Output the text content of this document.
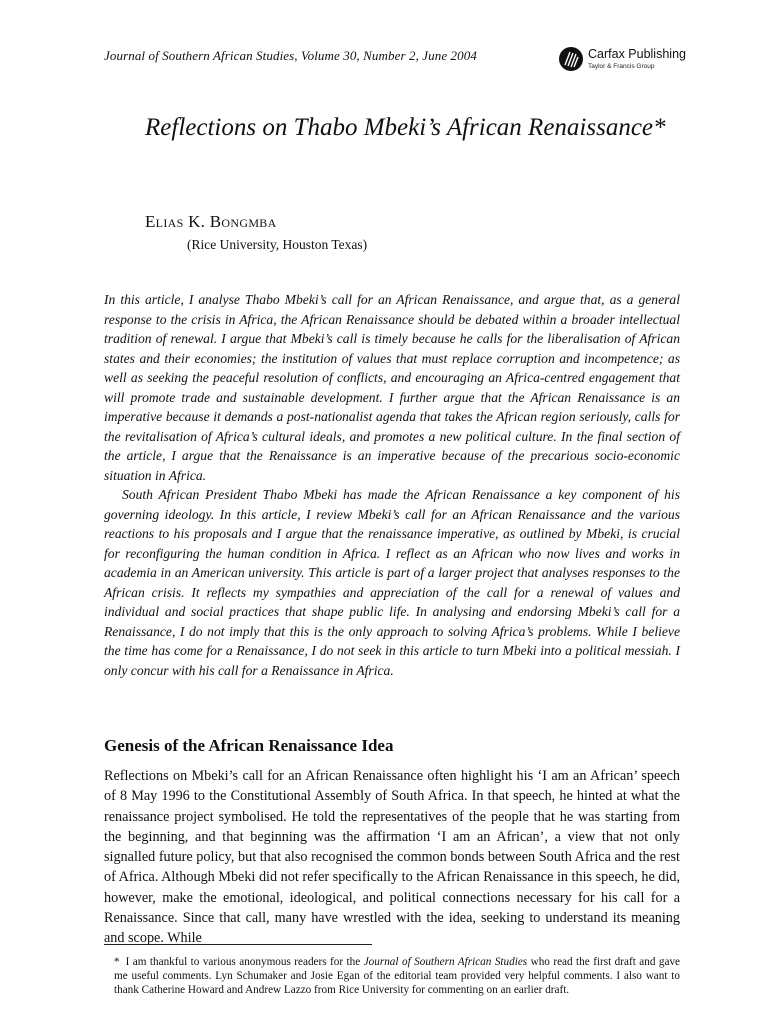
Journal of Southern African Studies, Volume 30, Number 2, June 2004	Carfax Publishing
Taylor & Francis Group
Reflections on Thabo Mbeki’s African Renaissance*
Elias K. Bongmba
(Rice University, Houston Texas)

In this article, I analyse Thabo Mbeki’s call for an African Renaissance, and argue that, as a general response to the crisis in Africa, the African Renaissance should be debated within a broader intellectual tradition of renewal. I argue that Mbeki’s call is timely because he calls for the liberalisation of African states and their economies; the institution of values that must replace corruption and incompetence; as well as seeking the peaceful resolution of conflicts, and encouraging an Africa-centred engagement that will promote trade and sustainable development. I further argue that the African Renaissance is an imperative because it demands a post-nationalist agenda that takes the African region seriously, calls for the revitalisation of Africa’s cultural ideals, and promotes a new political culture. In the final section of the article, I argue that the Renaissance is an imperative because of the precarious socio-economic situation in Africa.

South African President Thabo Mbeki has made the African Renaissance a key component of his governing ideology. In this article, I review Mbeki’s call for an African Renaissance and the various reactions to his proposals and I argue that the renaissance imperative, as outlined by Mbeki, is crucial for reconfiguring the human condition in Africa. I reflect as an African who now lives and works in academia in an American university. This article is part of a larger project that analyses responses to the African crisis. It reflects my sympathies and appreciation of the call for a renewal of values and individual and social practices that shape public life. In analysing and endorsing Mbeki’s call for a Renaissance, I do not imply that this is the only approach to solving Africa’s problems. While I believe the time has come for a Renaissance, I do not seek in this article to turn Mbeki into a political messiah. I only concur with his call for a Renaissance in Africa.

Genesis of the African Renaissance Idea

Reflections on Mbeki’s call for an African Renaissance often highlight his ‘I am an African’ speech of 8 May 1996 to the Constitutional Assembly of South Africa. In that speech, he hinted at what the renaissance project symbolised. He told the representatives of the people that he was starting from the beginning, and that beginning was the affirmation ‘I am an African’, a view that not only signalled future policy, but that also recognised the common bonds between South Africa and the rest of Africa. Although Mbeki did not refer specifically to the African Renaissance in this speech, he did, however, make the emotional, ideological, and political connections necessary for his call for a Renaissance. Since that call, many have wrestled with the idea, seeking to understand its meaning and scope. While

* I am thankful to various anonymous readers for the Journal of Southern African Studies who read the first draft and gave me useful comments. Lyn Schumaker and Josie Egan of the editorial team provided very helpful comments. I also want to thank Catherine Howard and Andrew Lazzo from Rice University for commenting on an earlier draft.
